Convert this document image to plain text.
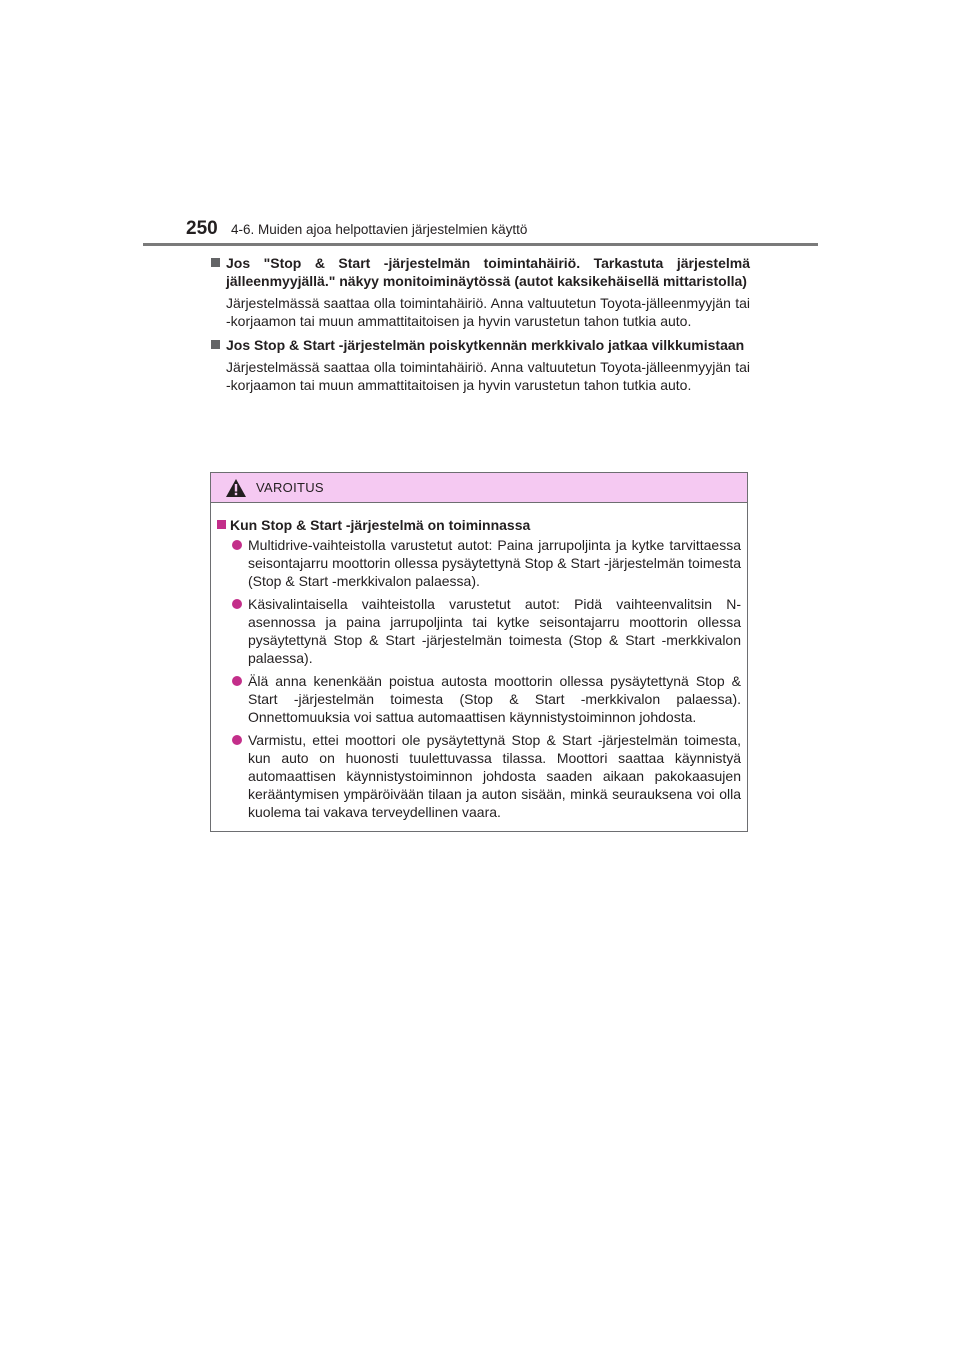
250 4-6. Muiden ajoa helpottavien järjestelmien käyttö
Jos "Stop & Start -järjestelmän toimintahäiriö. Tarkastuta järjestelmä jälleenmyyjällä." näkyy monitoiminäytössä (autot kaksikehäisellä mittaristolla)
Järjestelmässä saattaa olla toimintahäiriö. Anna valtuutetun Toyota-jälleenmyyjän tai -korjaamon tai muun ammattitaitoisen ja hyvin varustetun tahon tutkia auto.
Jos Stop & Start -järjestelmän poiskytkennän merkkivalo jatkaa vilkkumistaan
Järjestelmässä saattaa olla toimintahäiriö. Anna valtuutetun Toyota-jälleenmyyjän tai -korjaamon tai muun ammattitaitoisen ja hyvin varustetun tahon tutkia auto.
VAROITUS
Kun Stop & Start -järjestelmä on toiminnassa
Multidrive-vaihteistolla varustetut autot: Paina jarrupoljinta ja kytke tarvittaessa seisontajarru moottorin ollessa pysäytettynä Stop & Start -järjestelmän toimesta (Stop & Start -merkkivalon palaessa).
Käsivalintaisella vaihteistolla varustetut autot: Pidä vaihteenvalitsin N-asennossa ja paina jarrupoljinta tai kytke seisontajarru moottorin ollessa pysäytettynä Stop & Start -järjestelmän toimesta (Stop & Start -merkkivalon palaessa).
Älä anna kenenkään poistua autosta moottorin ollessa pysäytettynä Stop & Start -järjestelmän toimesta (Stop & Start -merkkivalon palaessa). Onnettomuuksia voi sattua automaattisen käynnistystoiminnon johdosta.
Varmistu, ettei moottori ole pysäytettynä Stop & Start -järjestelmän toimesta, kun auto on huonosti tuulettuvassa tilassa. Moottori saattaa käynnistyä automaattisen käynnistystoiminnon johdosta saaden aikaan pakokaasujen kerääntymisen ympäröivään tilaan ja auton sisään, minkä seurauksena voi olla kuolema tai vakava terveydellinen vaara.
